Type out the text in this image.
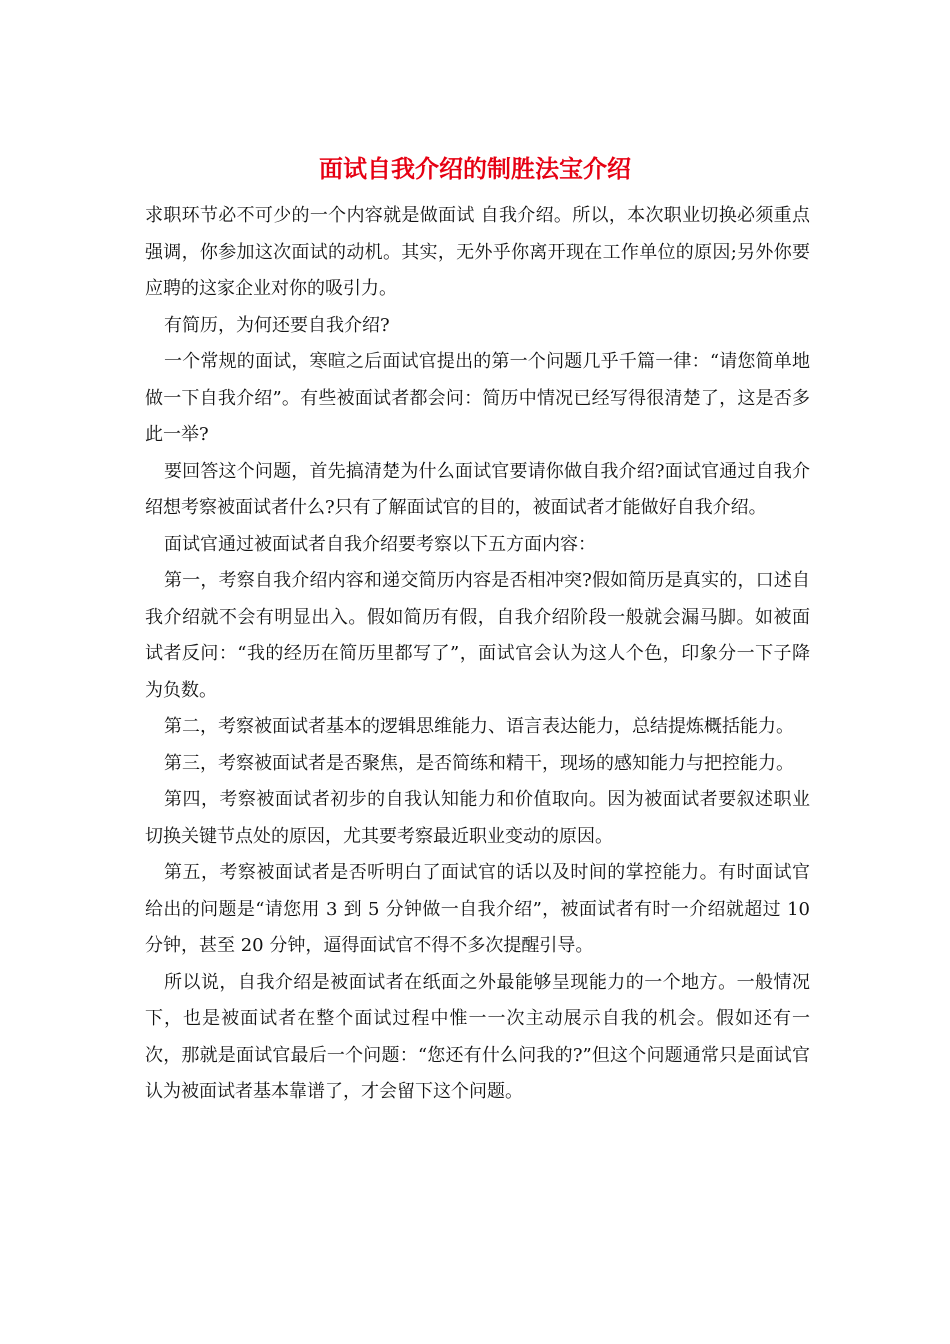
面试自我介绍的制胜法宝介绍

求职环节必不可少的一个内容就是做面试 自我介绍。所以，本次职业切换必须重点强调，你参加这次面试的动机。其实，无外乎你离开现在工作单位的原因;另外你要应聘的这家企业对你的吸引力。

有简历，为何还要自我介绍?

一个常规的面试，寒暄之后面试官提出的第一个问题几乎千篇一律：“请您简单地做一下自我介绍”。有些被面试者都会问：简历中情况已经写得很清楚了，这是否多此一举?

要回答这个问题，首先搞清楚为什么面试官要请你做自我介绍?面试官通过自我介绍想考察被面试者什么?只有了解面试官的目的，被面试者才能做好自我介绍。

面试官通过被面试者自我介绍要考察以下五方面内容：

第一，考察自我介绍内容和递交简历内容是否相冲突?假如简历是真实的，口述自我介绍就不会有明显出入。假如简历有假，自我介绍阶段一般就会漏马脚。如被面试者反问：“我的经历在简历里都写了”，面试官会认为这人个色，印象分一下子降为负数。

第二，考察被面试者基本的逻辑思维能力、语言表达能力，总结提炼概括能力。

第三，考察被面试者是否聚焦，是否简练和精干，现场的感知能力与把控能力。

第四，考察被面试者初步的自我认知能力和价值取向。因为被面试者要叙述职业切换关键节点处的原因，尤其要考察最近职业变动的原因。

第五，考察被面试者是否听明白了面试官的话以及时间的掌控能力。有时面试官给出的问题是“请您用 3 到 5 分钟做一自我介绍”，被面试者有时一介绍就超过 10 分钟，甚至 20 分钟，逼得面试官不得不多次提醒引导。

所以说，自我介绍是被面试者在纸面之外最能够呈现能力的一个地方。一般情况下，也是被面试者在整个面试过程中惟一一次主动展示自我的机会。假如还有一次，那就是面试官最后一个问题：“您还有什么问我的?”但这个问题通常只是面试官认为被面试者基本靠谱了，才会留下这个问题。
